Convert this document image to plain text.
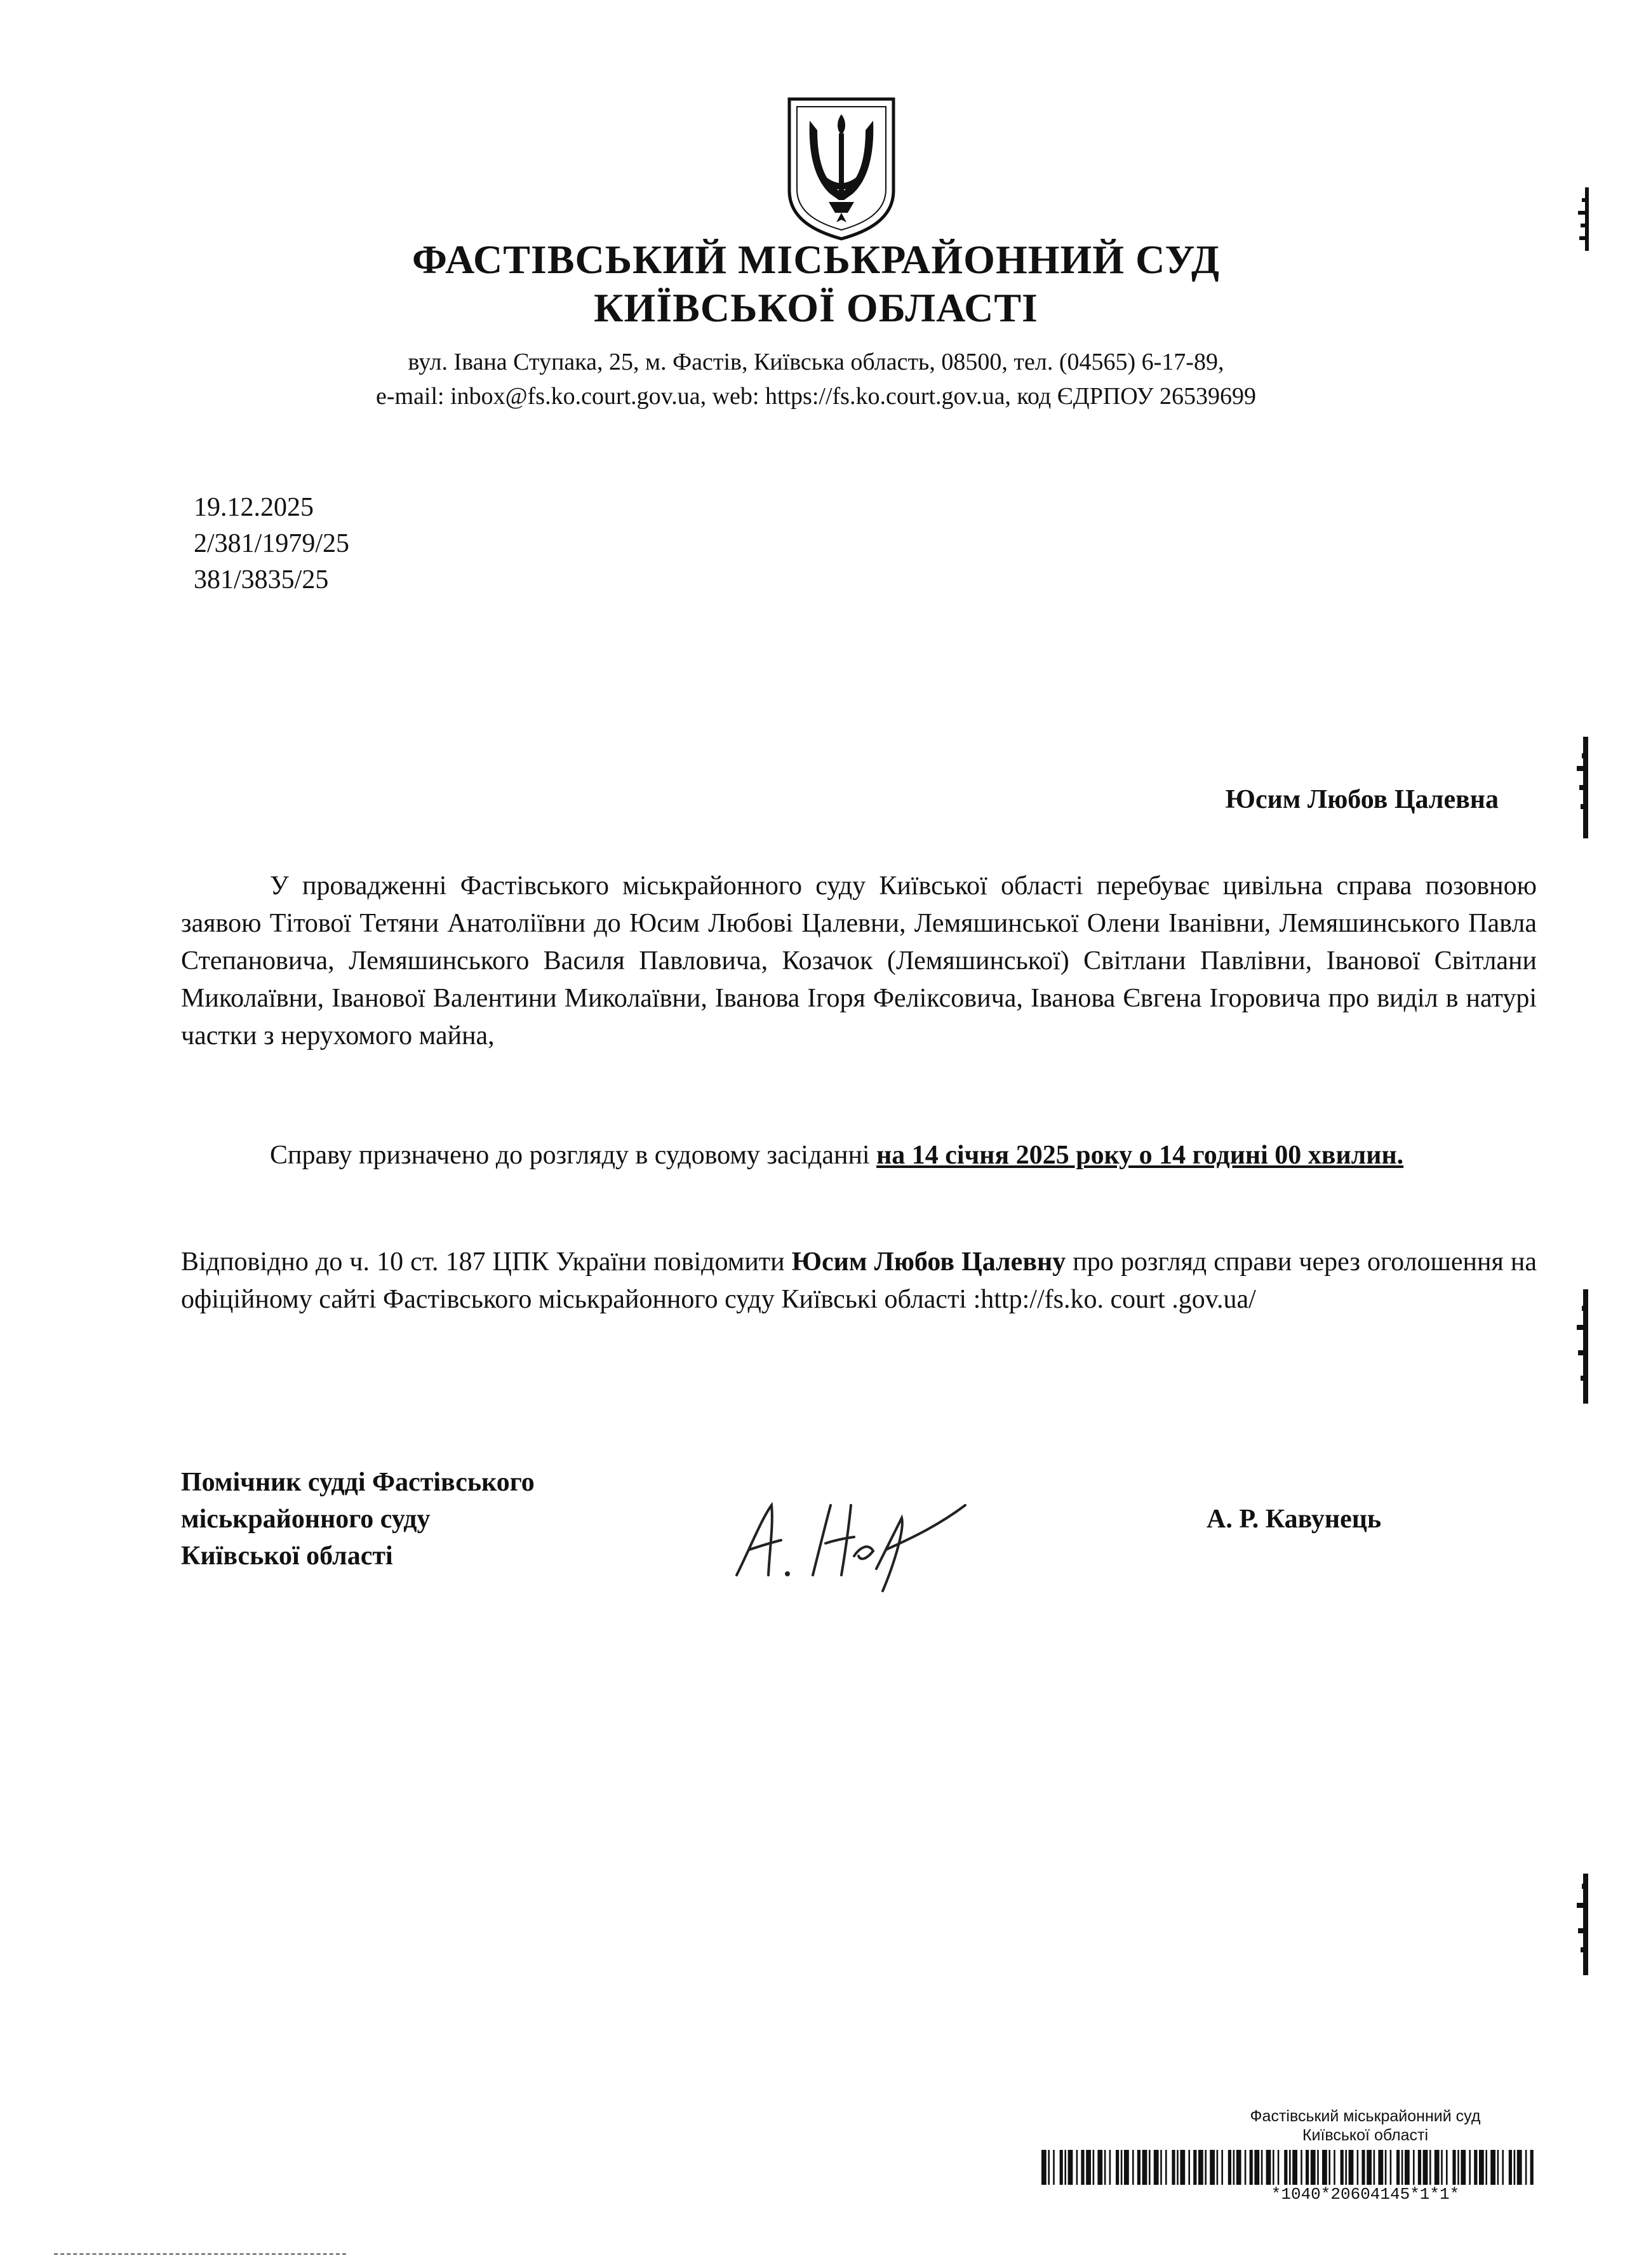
ФАСТІВСЬКИЙ МІСЬКРАЙОННИЙ СУД
КИЇВСЬКОЇ ОБЛАСТІ
вул. Івана Ступака, 25, м. Фастів, Київська область, 08500, тел. (04565) 6-17-89,
e-mail: inbox@fs.ko.court.gov.ua, web: https://fs.ko.court.gov.ua, код ЄДРПОУ 26539699
19.12.2025
2/381/1979/25
381/3835/25
Юсим Любов Цалевна
У провадженні Фастівського міськрайонного суду Київської області перебуває цивільна справа позовною заявою Тітової Тетяни Анатоліївни до Юсим Любові Цалевни, Лемяшинської Олени Іванівни, Лемяшинського Павла Степановича, Лемяшинського Василя Павловича, Козачок (Лемяшинської) Світлани Павлівни, Іванової Світлани Миколаївни, Іванової Валентини Миколаївни, Іванова Ігоря Феліксовича, Іванова Євгена Ігоровича про виділ в натурі частки з нерухомого майна,
Справу призначено до розгляду в судовому засіданні на 14 січня 2025 року о 14 годині 00 хвилин.
Відповідно до ч. 10 ст. 187 ЦПК України повідомити Юсим Любов Цалевну про розгляд справи через оголошення на офіційному сайті Фастівського міськрайонного суду Київські області :http://fs.ko. court .gov.ua/
Помічник судді Фастівського
міськрайонного суду
Київської області
А. Р. Кавунець
Фастівський міськрайонний суд
Київської області
*1040*20604145*1*1*
